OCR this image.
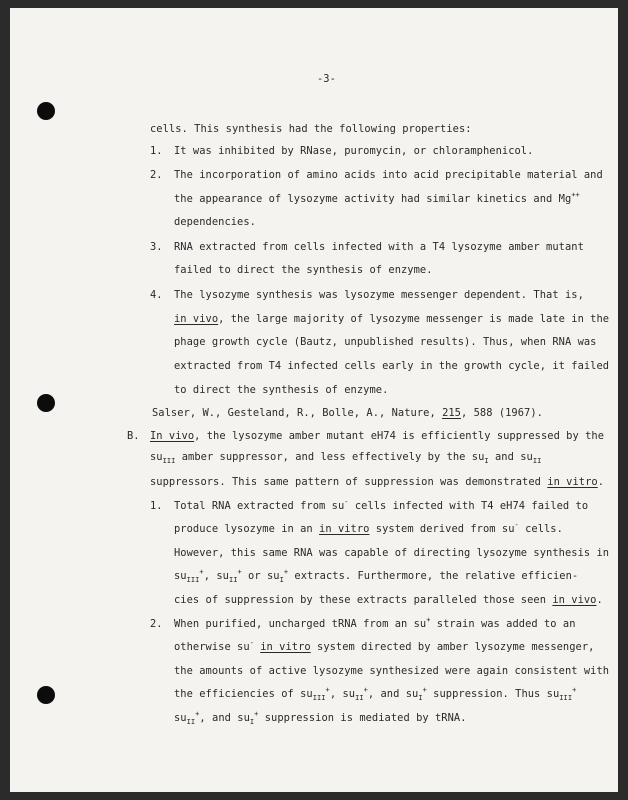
-3-
cells. This synthesis had the following properties:
1. It was inhibited by RNase, puromycin, or chloramphenicol.
2. The incorporation of amino acids into acid precipitable material and
the appearance of lysozyme activity had similar kinetics and Mg++
dependencies.
3. RNA extracted from cells infected with a T4 lysozyme amber mutant
failed to direct the synthesis of enzyme.
4. The lysozyme synthesis was lysozyme messenger dependent. That is,
in vivo, the large majority of lysozyme messenger is made late in the
phage growth cycle (Bautz, unpublished results). Thus, when RNA was
extracted from T4 infected cells early in the growth cycle, it failed
to direct the synthesis of enzyme.
Salser, W., Gesteland, R., Bolle, A., Nature, 215, 588 (1967).
B. In vivo, the lysozyme amber mutant eH74 is efficiently suppressed by the
$su_{III}$ amber suppressor, and less effectively by the $su_I$ and $su_{II}$
suppressors. This same pattern of suppression was demonstrated in vitro.
1. Total RNA extracted from su- cells infected with T4 eH74 failed to
produce lysozyme in an in vitro system derived from su- cells.
However, this same RNA was capable of directing lysozyme synthesis in
$su_{III}^+$, $su_{II}^+$ or $su_I^+$ extracts. Furthermore, the relative efficien-
cies of suppression by these extracts paralleled those seen in vivo.
2. When purified, uncharged tRNA from an su+ strain was added to an
otherwise su- in vitro system directed by amber lysozyme messenger,
the amounts of active lysozyme synthesized were again consistent with
the efficiencies of $su_{III}^+$, $su_{II}^+$, and $su_I^+$ suppression. Thus $su_{III}^+$
$su_{II}^+$, and $su_I^+$ suppression is mediated by tRNA.
